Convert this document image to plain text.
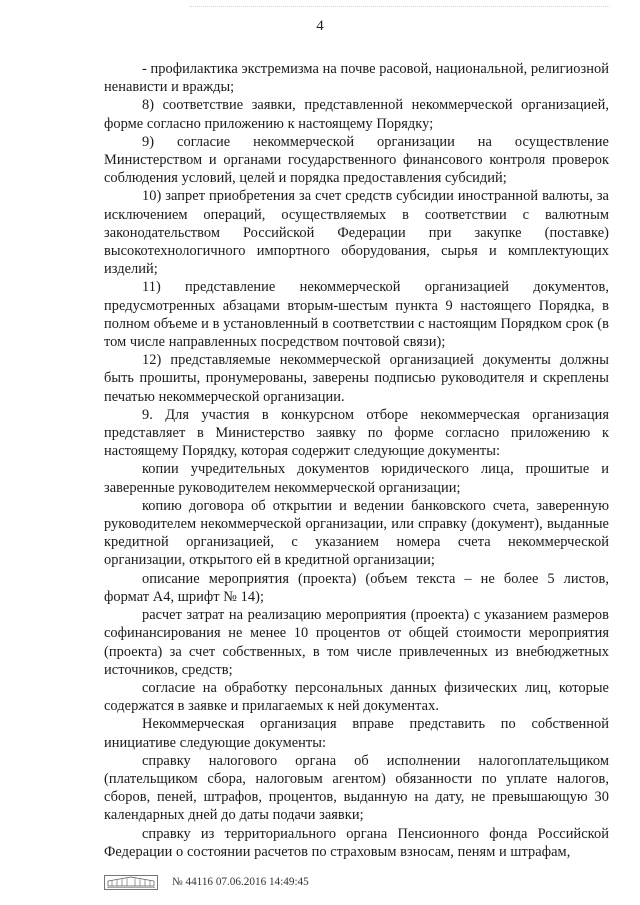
4

- профилактика экстремизма на почве расовой, национальной, религиозной ненависти и вражды;

8) соответствие заявки, представленной некоммерческой организацией, форме согласно приложению к настоящему Порядку;

9) согласие некоммерческой организации на осуществление Министерством и органами государственного финансового контроля проверок соблюдения условий, целей и порядка предоставления субсидий;

10) запрет приобретения за счет средств субсидии иностранной валюты, за исключением операций, осуществляемых в соответствии с валютным законодательством Российской Федерации при закупке (поставке) высокотехнологичного импортного оборудования, сырья и комплектующих изделий;

11) представление некоммерческой организацией документов, предусмотренных абзацами вторым-шестым пункта 9 настоящего Порядка, в полном объеме и в установленный в соответствии с настоящим Порядком срок (в том числе направленных посредством почтовой связи);

12) представляемые некоммерческой организацией документы должны быть прошиты, пронумерованы, заверены подписью руководителя и скреплены печатью некоммерческой организации.

9. Для участия в конкурсном отборе некоммерческая организация представляет в Министерство заявку по форме согласно приложению к настоящему Порядку, которая содержит следующие документы:

копии учредительных документов юридического лица, прошитые и заверенные руководителем некоммерческой организации;

копию договора об открытии и ведении банковского счета, заверенную руководителем некоммерческой организации, или справку (документ), выданные кредитной организацией, с указанием номера счета некоммерческой организации, открытого ей в кредитной организации;

описание мероприятия (проекта) (объем текста – не более 5 листов, формат А4, шрифт № 14);

расчет затрат на реализацию мероприятия (проекта) с указанием размеров софинансирования не менее 10 процентов от общей стоимости мероприятия (проекта) за счет собственных, в том числе привлеченных из внебюджетных источников, средств;

согласие на обработку персональных данных физических лиц, которые содержатся в заявке и прилагаемых к ней документах.

Некоммерческая организация вправе представить по собственной инициативе следующие документы:

справку налогового органа об исполнении налогоплательщиком (плательщиком сбора, налоговым агентом) обязанности по уплате налогов, сборов, пеней, штрафов, процентов, выданную на дату, не превышающую 30 календарных дней до даты подачи заявки;

справку из территориального органа Пенсионного фонда Российской Федерации о состоянии расчетов по страховым взносам, пеням и штрафам,

№ 44116 07.06.2016 14:49:45
